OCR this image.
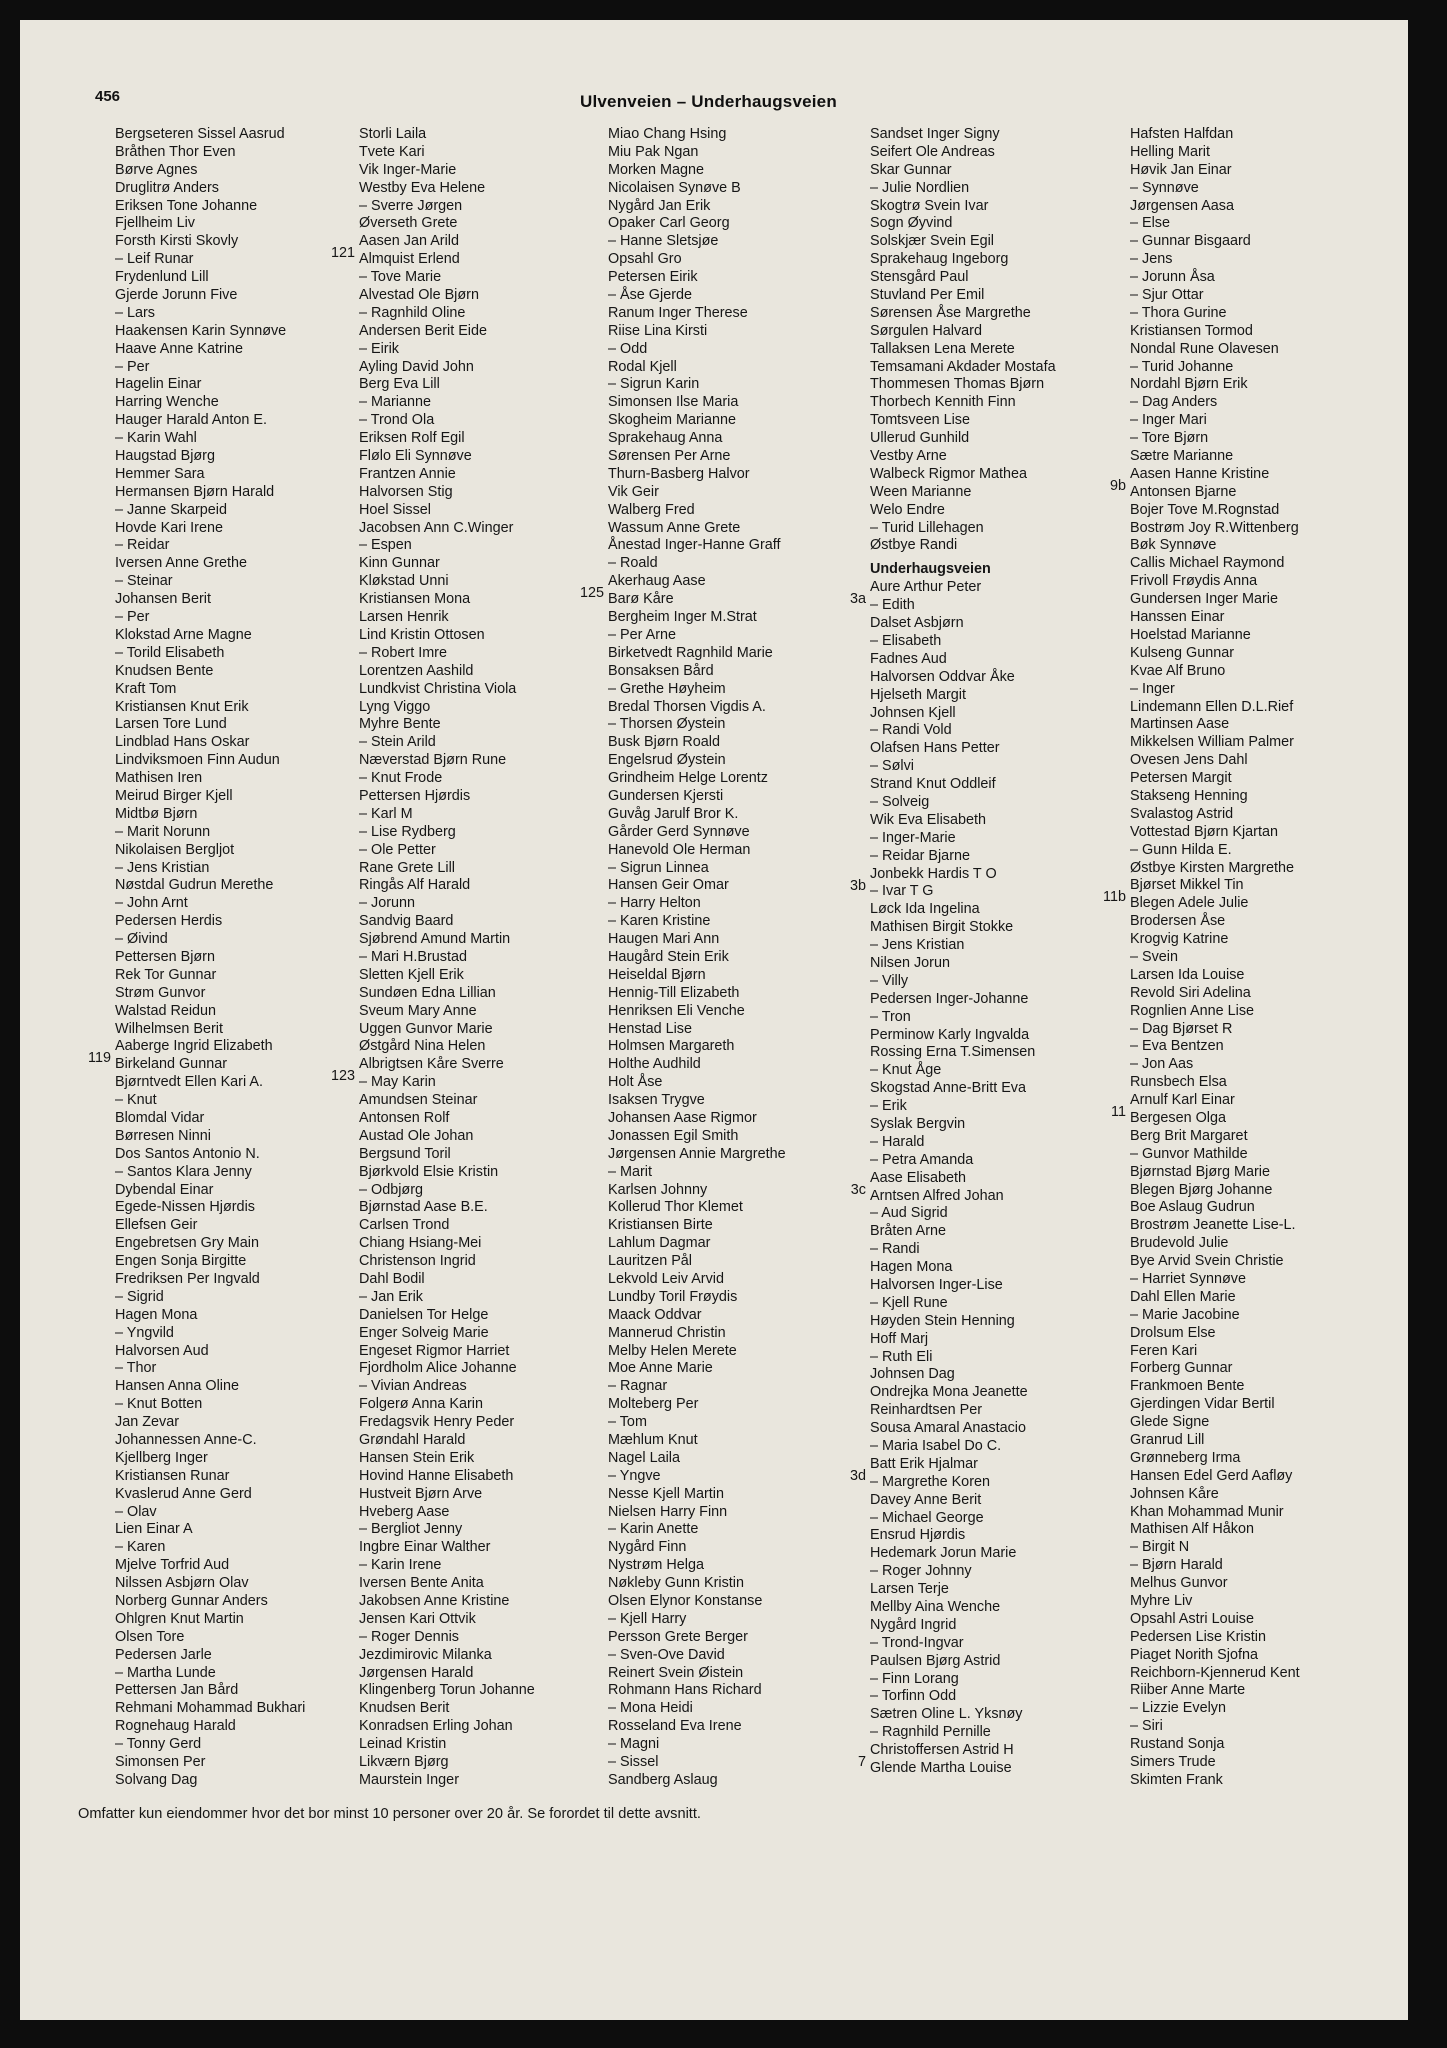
456	Ulvenveien – Underhaugsveien
Bergseteren Sissel Aasrud
Bråthen Thor Even
Børve Agnes
Druglitrø Anders
Eriksen Tone Johanne
Fjellheim Liv
Forsth Kirsti Skovly
– Leif Runar
Frydenlund Lill
Gjerde Jorunn Five
– Lars
Haakensen Karin Synnøve
Haave Anne Katrine
– Per
Hagelin Einar
Harring Wenche
Hauger Harald Anton E.
– Karin Wahl
Haugstad Bjørg
Hemmer Sara
Hermansen Bjørn Harald
– Janne Skarpeid
Hovde Kari Irene
– Reidar
Iversen Anne Grethe
– Steinar
Johansen Berit
– Per
Klokstad Arne Magne
– Torild Elisabeth
Knudsen Bente
Kraft Tom
Kristiansen Knut Erik
Larsen Tore Lund
Lindblad Hans Oskar
Lindviksmoen Finn Audun
Mathisen Iren
Meirud Birger Kjell
Midtbø Bjørn
– Marit Norunn
Nikolaisen Bergljot
– Jens Kristian
Nøstdal Gudrun Merethe
– John Arnt
Pedersen Herdis
– Øivind
Pettersen Bjørn
Rek Tor Gunnar
Strøm Gunvor
Walstad Reidun
Wilhelmsen Berit
119
Aaberge Ingrid Elizabeth
Birkeland Gunnar
Bjørntvedt Ellen Kari A.
– Knut
Blomdal Vidar
Børresen Ninni
Dos Santos Antonio N.
– Santos Klara Jenny
Dybendal Einar
Egede-Nissen Hjørdis
Ellefsen Geir
Engebretsen Gry Main
Engen Sonja Birgitte
Fredriksen Per Ingvald
– Sigrid
Hagen Mona
– Yngvild
Halvorsen Aud
– Thor
Hansen Anna Oline
– Knut Botten
Jan Zevar
Johannessen Anne-C.
Kjellberg Inger
Kristiansen Runar
Kvaslerud Anne Gerd
– Olav
Lien Einar A
– Karen
Mjelve Torfrid Aud
Nilssen Asbjørn Olav
Norberg Gunnar Anders
Ohlgren Knut Martin
Olsen Tore
Pedersen Jarle
– Martha Lunde
Pettersen Jan Bård
Rehmani Mohammad Bukhari
Rognehaug Harald
– Tonny Gerd
Simonsen Per
Solvang Dag
Storli Laila
Tvete Kari
Vik Inger-Marie
Westby Eva Helene
– Sverre Jørgen
Øverseth Grete
121
Aasen Jan Arild
Almquist Erlend
– Tove Marie
Alvestad Ole Bjørn
– Ragnhild Oline
Andersen Berit Eide
– Eirik
Ayling David John
Berg Eva Lill
– Marianne
– Trond Ola
Eriksen Rolf Egil
Flølo Eli Synnøve
Frantzen Annie
Halvorsen Stig
Hoel Sissel
Jacobsen Ann C.Winger
– Espen
Kinn Gunnar
Kløkstad Unni
Kristiansen Mona
Larsen Henrik
Lind Kristin Ottosen
– Robert Imre
Lorentzen Aashild
Lundkvist Christina Viola
Lyng Viggo
Myhre Bente
– Stein Arild
Næverstad Bjørn Rune
– Knut Frode
Pettersen Hjørdis
– Karl M
– Lise Rydberg
– Ole Petter
Rane Grete Lill
Ringås Alf Harald
– Jorunn
Sandvig Baard
Sjøbrend Amund Martin
– Mari H.Brustad
Sletten Kjell Erik
Sundøen Edna Lillian
Sveum Mary Anne
Uggen Gunvor Marie
Østgård Nina Helen
123
Albrigtsen Kåre Sverre
– May Karin
Amundsen Steinar
Antonsen Rolf
Austad Ole Johan
Bergsund Toril
Bjørkvold Elsie Kristin
– Odbjørg
Bjørnstad Aase B.E.
Carlsen Trond
Chiang Hsiang-Mei
Christenson Ingrid
Dahl Bodil
– Jan Erik
Danielsen Tor Helge
Enger Solveig Marie
Engeset Rigmor Harriet
Fjordholm Alice Johanne
– Vivian Andreas
Folgerø Anna Karin
Fredagsvik Henry Peder
Grøndahl Harald
Hansen Stein Erik
Hovind Hanne Elisabeth
Hustveit Bjørn Arve
Hveberg Aase
– Bergliot Jenny
Ingbre Einar Walther
– Karin Irene
Iversen Bente Anita
Jakobsen Anne Kristine
Jensen Kari Ottvik
– Roger Dennis
Jezdimirovic Milanka
Jørgensen Harald
Klingenberg Torun Johanne
Knudsen Berit
Konradsen Erling Johan
Leinad Kristin
Likværn Bjørg
Maurstein Inger
Miao Chang Hsing
Miu Pak Ngan
Morken Magne
Nicolaisen Synøve B
Nygård Jan Erik
Opaker Carl Georg
– Hanne Sletsjøe
Opsahl Gro
Petersen Eirik
– Åse Gjerde
Ranum Inger Therese
Riise Lina Kirsti
– Odd
Rodal Kjell
– Sigrun Karin
Simonsen Ilse Maria
Skogheim Marianne
Sprakehaug Anna
Sørensen Per Arne
Thurn-Basberg Halvor
Vik Geir
Walberg Fred
Wassum Anne Grete
Ånestad Inger-Hanne Graff
– Roald
125
Akerhaug Aase
Barø Kåre
Bergheim Inger M.Strat
– Per Arne
Birketvedt Ragnhild Marie
Bonsaksen Bård
– Grethe Høyheim
Bredal Thorsen Vigdis A.
– Thorsen Øystein
Busk Bjørn Roald
Engelsrud Øystein
Grindheim Helge Lorentz
Gundersen Kjersti
Guvåg Jarulf Bror K.
Gårder Gerd Synnøve
Hanevold Ole Herman
– Sigrun Linnea
Hansen Geir Omar
– Harry Helton
– Karen Kristine
Haugen Mari Ann
Haugård Stein Erik
Heiseldal Bjørn
Hennig-Till Elizabeth
Henriksen Eli Venche
Henstad Lise
Holmsen Margareth
Holthe Audhild
Holt Åse
Isaksen Trygve
Johansen Aase Rigmor
Jonassen Egil Smith
Jørgensen Annie Margrethe
– Marit
Karlsen Johnny
Kollerud Thor Klemet
Kristiansen Birte
Lahlum Dagmar
Lauritzen Pål
Lekvold Leiv Arvid
Lundby Toril Frøydis
Maack Oddvar
Mannerud Christin
Melby Helen Merete
Moe Anne Marie
– Ragnar
Molteberg Per
– Tom
Mæhlum Knut
Nagel Laila
– Yngve
Nesse Kjell Martin
Nielsen Harry Finn
– Karin Anette
Nygård Finn
Nystrøm Helga
Nøkleby Gunn Kristin
Olsen Elynor Konstanse
– Kjell Harry
Persson Grete Berger
– Sven-Ove David
Reinert Svein Øistein
Rohmann Hans Richard
– Mona Heidi
Rosseland Eva Irene
– Magni
– Sissel
Sandberg Aslaug
Sandset Inger Signy
Seifert Ole Andreas
Skar Gunnar
– Julie Nordlien
Skogtrø Svein Ivar
Sogn Øyvind
Solskjær Svein Egil
Sprakehaug Ingeborg
Stensgård Paul
Stuvland Per Emil
Sørensen Åse Margrethe
Sørgulen Halvard
Tallaksen Lena Merete
Temsamani Akdader Mostafa
Thommesen Thomas Bjørn
Thorbech Kennith Finn
Tomtsveen Lise
Ullerud Gunhild
Vestby Arne
Walbeck Rigmor Mathea
Ween Marianne
Welo Endre
– Turid Lillehagen
Østbye Randi
Underhaugsveien
3a
Aure Arthur Peter
– Edith
Dalset Asbjørn
– Elisabeth
Fadnes Aud
Halvorsen Oddvar Åke
Hjelseth Margit
Johnsen Kjell
– Randi Vold
Olafsen Hans Petter
– Sølvi
Strand Knut Oddleif
– Solveig
Wik Eva Elisabeth
– Inger-Marie
– Reidar Bjarne
3b
Jonbekk Hardis T O
– Ivar T G
Løck Ida Ingelina
Mathisen Birgit Stokke
– Jens Kristian
Nilsen Jorun
– Villy
Pedersen Inger-Johanne
– Tron
Perminow Karly Ingvalda
Rossing Erna T.Simensen
– Knut Åge
Skogstad Anne-Britt Eva
– Erik
Syslak Bergvin
– Harald
– Petra Amanda
3c
Aase Elisabeth
Arntsen Alfred Johan
– Aud Sigrid
Bråten Arne
– Randi
Hagen Mona
Halvorsen Inger-Lise
– Kjell Rune
Høyden Stein Henning
Hoff Marj
– Ruth Eli
Johnsen Dag
Ondrejka Mona Jeanette
Reinhardtsen Per
Sousa Amaral Anastacio
– Maria Isabel Do C.
3d
Batt Erik Hjalmar
– Margrethe Koren
Davey Anne Berit
– Michael George
Ensrud Hjørdis
Hedemark Jorun Marie
– Roger Johnny
Larsen Terje
Mellby Aina Wenche
Nygård Ingrid
– Trond-Ingvar
Paulsen Bjørg Astrid
– Finn Lorang
– Torfinn Odd
Sætren Oline L. Yksnøy
– Ragnhild Pernille
7
Christoffersen Astrid H
Glende Martha Louise
Hafsten Halfdan
Helling Marit
Høvik Jan Einar
– Synnøve
Jørgensen Aasa
– Else
– Gunnar Bisgaard
– Jens
– Jorunn Åsa
– Sjur Ottar
– Thora Gurine
Kristiansen Tormod
Nondal Rune Olavesen
– Turid Johanne
Nordahl Bjørn Erik
– Dag Anders
– Inger Mari
– Tore Bjørn
Sætre Marianne
9b
Aasen Hanne Kristine
Antonsen Bjarne
Bojer Tove M.Rognstad
Bostrøm Joy R.Wittenberg
Bøk Synnøve
Callis Michael Raymond
Frivoll Frøydis Anna
Gundersen Inger Marie
Hanssen Einar
Hoelstad Marianne
Kulseng Gunnar
Kvae Alf Bruno
– Inger
Lindemann Ellen D.L.Rief
Martinsen Aase
Mikkelsen William Palmer
Ovesen Jens Dahl
Petersen Margit
Stakseng Henning
Svalastog Astrid
Vottestad Bjørn Kjartan
– Gunn Hilda E.
Østbye Kirsten Margrethe
11b
Bjørset Mikkel Tin
Blegen Adele Julie
Brodersen Åse
Krogvig Katrine
– Svein
Larsen Ida Louise
Revold Siri Adelina
Rognlien Anne Lise
– Dag Bjørset R
– Eva Bentzen
– Jon Aas
Runsbech Elsa
11
Arnulf Karl Einar
Bergesen Olga
Berg Brit Margaret
– Gunvor Mathilde
Bjørnstad Bjørg Marie
Blegen Bjørg Johanne
Boe Aslaug Gudrun
Brostrøm Jeanette Lise-L.
Brudevold Julie
Bye Arvid Svein Christie
– Harriet Synnøve
Dahl Ellen Marie
– Marie Jacobine
Drolsum Else
Feren Kari
Forberg Gunnar
Frankmoen Bente
Gjerdingen Vidar Bertil
Glede Signe
Granrud Lill
Grønneberg Irma
Hansen Edel Gerd Aafløy
Johnsen Kåre
Khan Mohammad Munir
Mathisen Alf Håkon
– Birgit N
– Bjørn Harald
Melhus Gunvor
Myhre Liv
Opsahl Astri Louise
Pedersen Lise Kristin
Piaget Norith Sjofna
Reichborn-Kjennerud Kent
Riiber Anne Marte
– Lizzie Evelyn
– Siri
Rustand Sonja
Simers Trude
Skimten Frank
Omfatter kun eiendommer hvor det bor minst 10 personer over 20 år. Se forordet til dette avsnitt.
